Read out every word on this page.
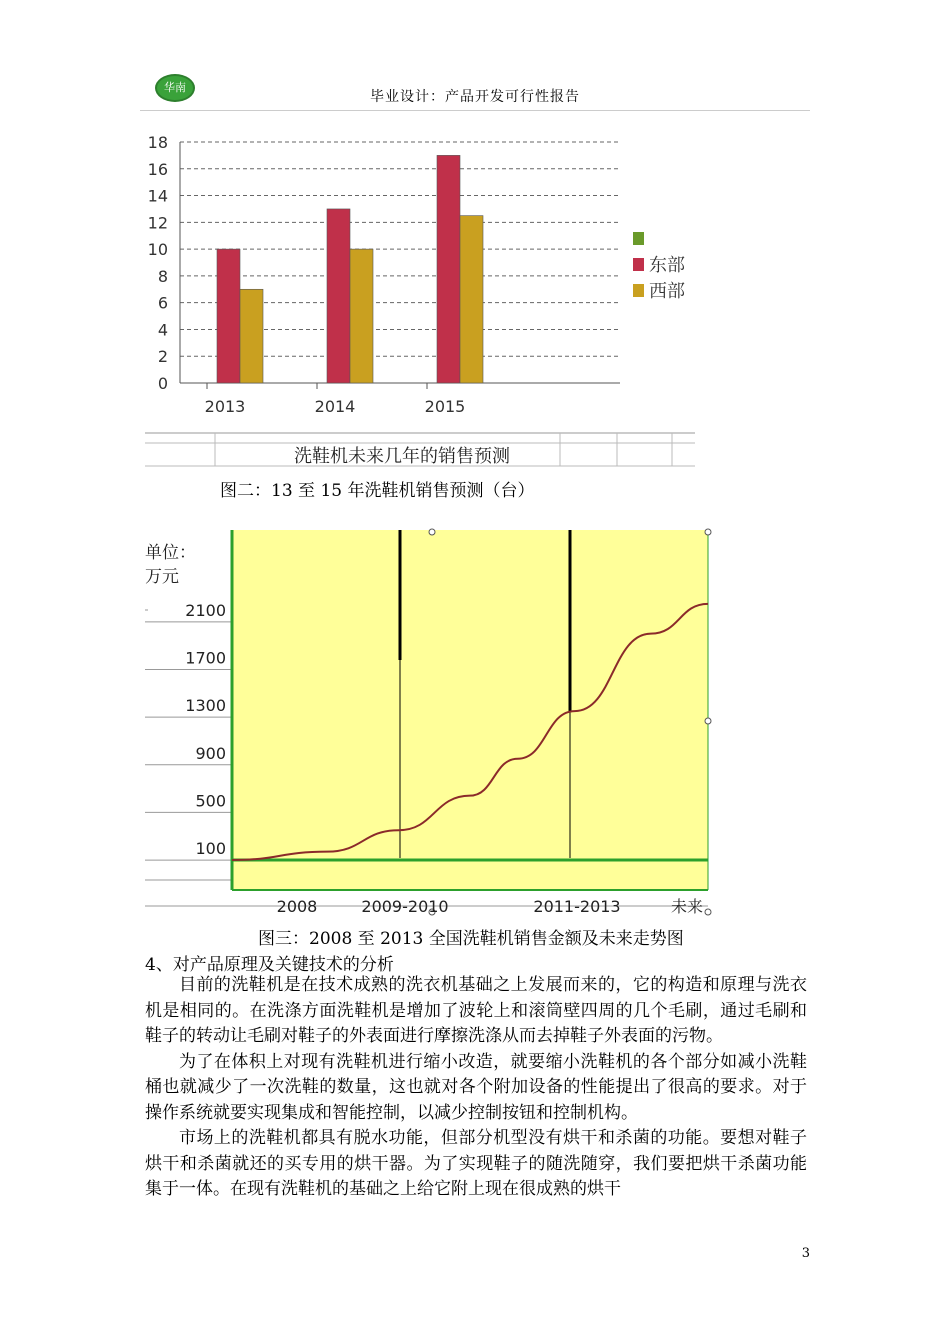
华南
毕业设计：产品开发可行性报告
0
2
4
6
8
10
12
14
16
18
2013	2014	2015
东部
西部
洗鞋机未来几年的销售预测
图二：13 至 15 年洗鞋机销售预测（台）
单位：
万元
100
500
900
1300
1700
2100
2008	2009-2010	2011-2013	未来
图三：2008 至 2013 全国洗鞋机销售金额及未来走势图
4、对产品原理及关键技术的分析

目前的洗鞋机是在技术成熟的洗衣机基础之上发展而来的，它的构造和原理与洗衣机是相同的。在洗涤方面洗鞋机是增加了波轮上和滚筒壁四周的几个毛刷，通过毛刷和鞋子的转动让毛刷对鞋子的外表面进行摩擦洗涤从而去掉鞋子外表面的污物。

为了在体积上对现有洗鞋机进行缩小改造，就要缩小洗鞋机的各个部分如减小洗鞋桶也就减少了一次洗鞋的数量，这也就对各个附加设备的性能提出了很高的要求。对于操作系统就要实现集成和智能控制，以减少控制按钮和控制机构。

市场上的洗鞋机都具有脱水功能，但部分机型没有烘干和杀菌的功能。要想对鞋子烘干和杀菌就还的买专用的烘干器。为了实现鞋子的随洗随穿，我们要把烘干杀菌功能集于一体。在现有洗鞋机的基础之上给它附上现在很成熟的烘干

3
